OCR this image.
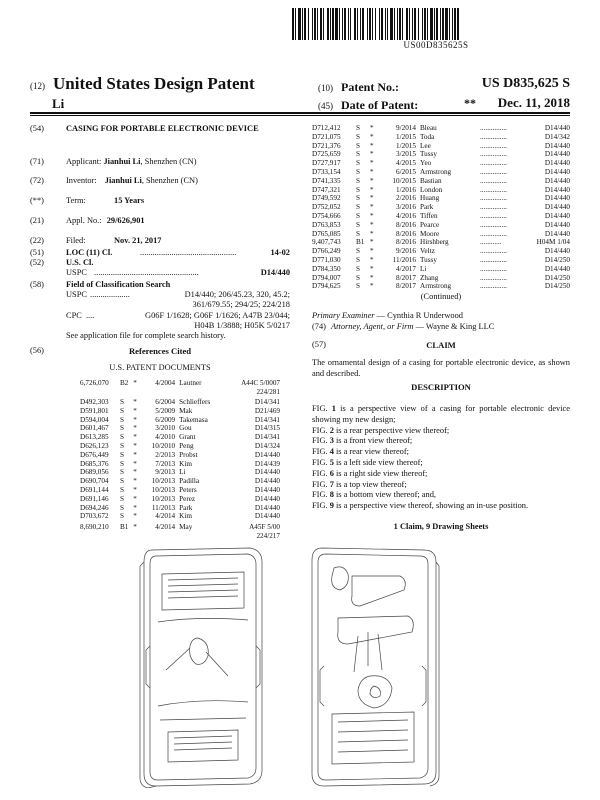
US00D835625S
(12) United States Design Patent
Li
(10) Patent No.:	US D835,625 S
(45) Date of Patent:	** Dec. 11, 2018
(54)	CASING FOR PORTABLE ELECTRONIC DEVICE
(71)	Applicant: Jianhui Li, Shenzhen (CN)
(72)	Inventor: Jianhui Li, Shenzhen (CN)
(**)	Term:	15 Years
(21)	Appl. No.: 29/626,901
(22)	Filed:	Nov. 21, 2017
(51)	LOC (11) Cl.	..............................................	14-02
(52)	U.S. Cl.
USPC ..................................................	D14/440
(58)	Field of Classification Search
USPC ...................	D14/440; 206/45.23, 320, 45.2;
361/679.55; 294/25; 224/218
CPC ....	G06F 1/1628; G06F 1/1626; A47B 23/044;
H04B 1/3888; H05K 5/0217
See application file for complete search history.
(56)	References Cited
U.S. PATENT DOCUMENTS
6,726,070	B2 *	4/2004 Lautner	A44C 5/0007
224/281
D492,303	S	*	6/2004 Schlieffers	D14/341
D591,801	S	*	5/2009 Mak	D21/469
D594,004	S	*	6/2009 Takemasa	D14/341
D601,467	S	*	3/2010 Gou	D14/315
D613,285	S	*	4/2010 Grant	D14/341
D626,123	S	*	10/2010 Peng	D14/324
D676,449	S	*	2/2013 Probst	D14/440
D685,376	S	*	7/2013 Kim	D14/439
D689,056	S	*	9/2013 Li	D14/440
D690,704	S	*	10/2013 Padilla	D14/440
D691,144	S	*	10/2013 Peters	D14/440
D691,146	S	*	10/2013 Perez	D14/440
D694,246	S	*	11/2013 Park	D14/440
D703,672	S	*	4/2014 Kim	D14/440
8,690,210	B1 *	4/2014 May	A45F 5/00
224/217
D712,412	S	*	9/2014 Bleau	...............	D14/440
D721,075	S	*	1/2015 Toda	...............	D14/342
D721,376	S	*	1/2015 Lee	...............	D14/440
D725,659	S	*	3/2015 Tussy	...............	D14/440
D727,917	S	*	4/2015 Yeo	...............	D14/440
D733,154	S	*	6/2015 Armstrong	...............	D14/440
D741,335	S	*	10/2015 Bastian	...............	D14/440
D747,321	S	*	1/2016 London	...............	D14/440
D749,592	S	*	2/2016 Huang	...............	D14/440
D752,052	S	*	3/2016 Park	...............	D14/440
D754,666	S	*	4/2016 Tiffen	...............	D14/440
D763,853	S	*	8/2016 Pearce	...............	D14/440
D765,085	S	*	8/2016 Moore	...............	D14/440
9,407,743	B1 *	8/2016 Hirshberg	............	H04M 1/04
D766,249	S	*	9/2016 Veltz	...............	D14/440
D771,030	S	*	11/2016 Tussy	...............	D14/250
D784,350	S	*	4/2017 Li	...............	D14/440
D794,007	S	*	8/2017 Zhang	...............	D14/250
D794,625	S	*	8/2017 Armstrong	...............	D14/250
(Continued)
Primary Examiner — Cynthia R Underwood
(74) Attorney, Agent, or Firm — Wayne & King LLC
(57)	CLAIM
The ornamental design of a casing for portable electronic device, as shown and described.
DESCRIPTION
FIG. 1 is a perspective view of a casing for portable electronic device showing my new design;
FIG. 2 is a rear perspective view thereof;
FIG. 3 is a front view thereof;
FIG. 4 is a rear view thereof;
FIG. 5 is a left side view thereof;
FIG. 6 is a right side view thereof;
FIG. 7 is a top view thereof;
FIG. 8 is a bottom view thereof; and,
FIG. 9 is a perspective view thereof, showing an in-use position.
1 Claim, 9 Drawing Sheets
